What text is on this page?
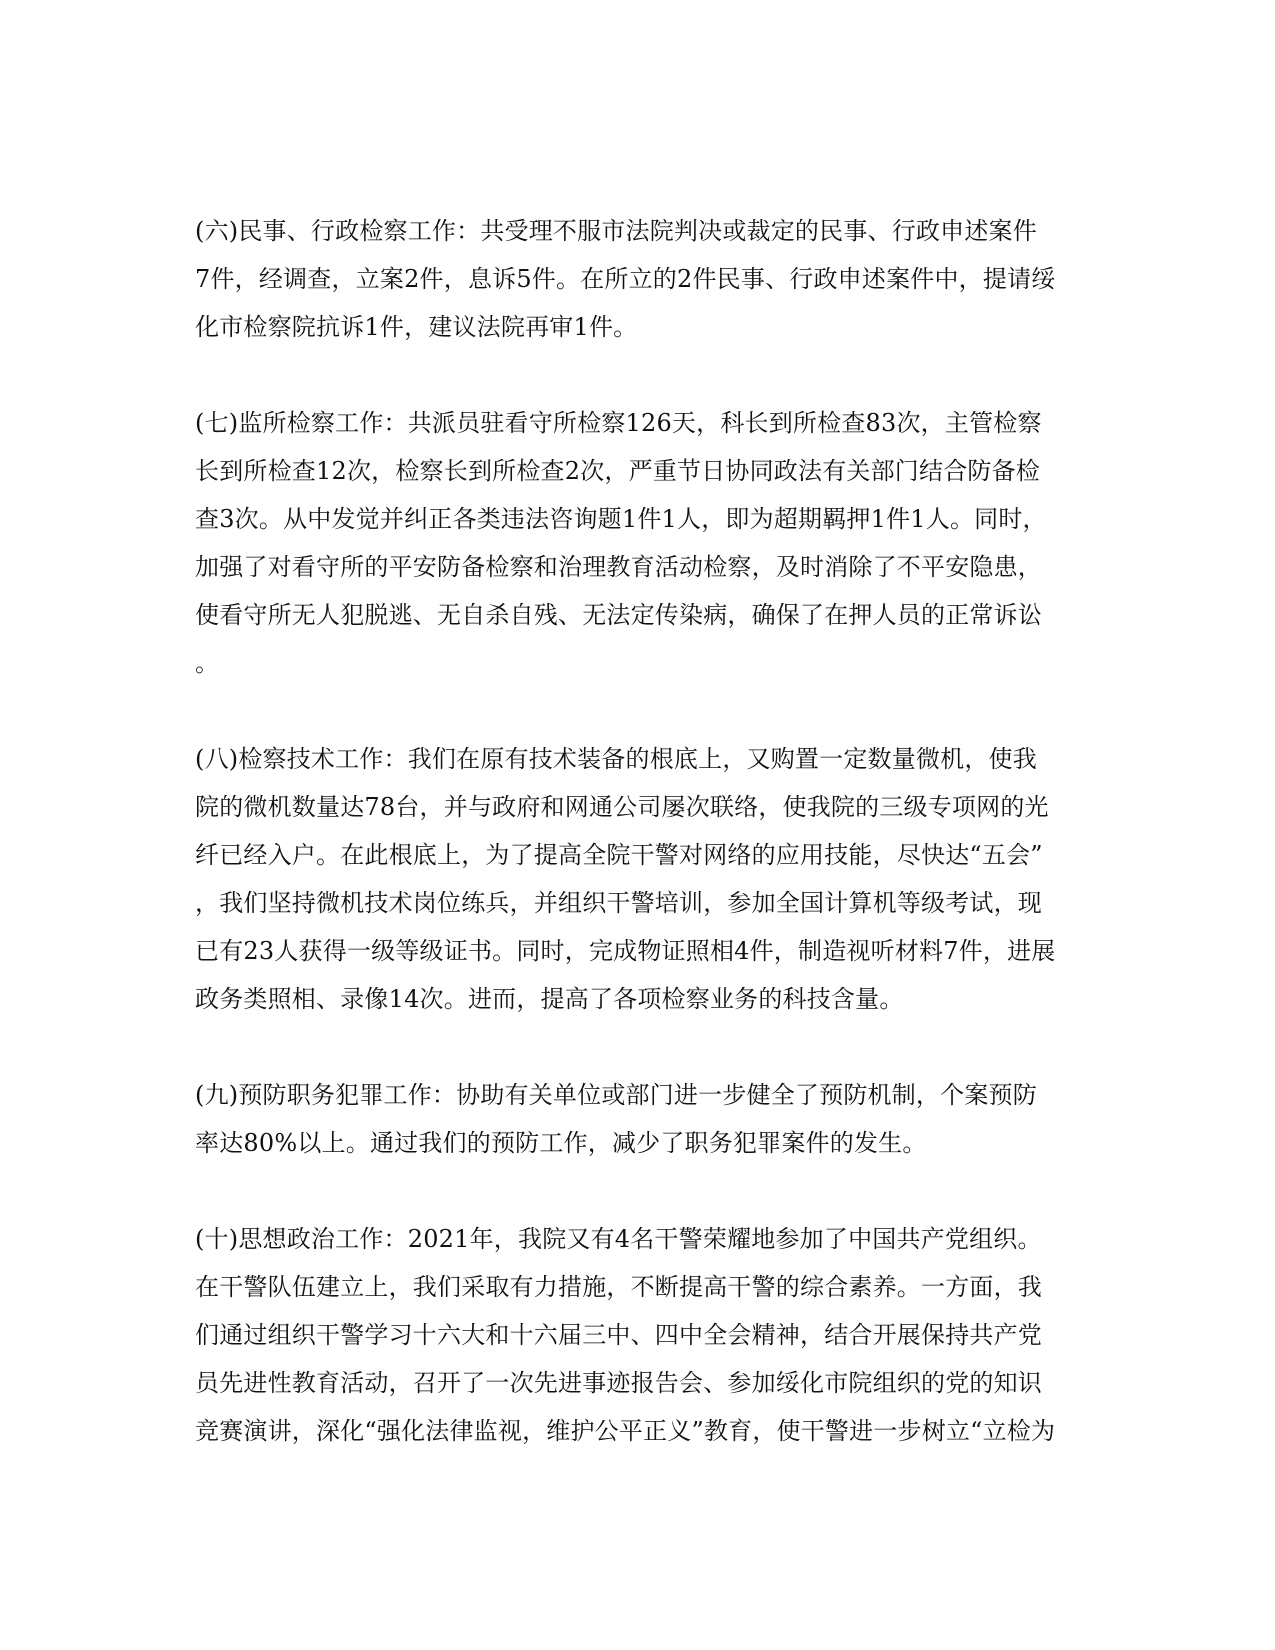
(六)民事、行政检察工作：共受理不服市法院判决或裁定的民事、行政申述案件
7件，经调查，立案2件，息诉5件。在所立的2件民事、行政申述案件中，提请绥
化市检察院抗诉1件，建议法院再审1件。

(七)监所检察工作：共派员驻看守所检察126天，科长到所检查83次，主管检察
长到所检查12次，检察长到所检查2次，严重节日协同政法有关部门结合防备检
查3次。从中发觉并纠正各类违法咨询题1件1人，即为超期羁押1件1人。同时，
加强了对看守所的平安防备检察和治理教育活动检察，及时消除了不平安隐患，
使看守所无人犯脱逃、无自杀自残、无法定传染病，确保了在押人员的正常诉讼
。

(八)检察技术工作：我们在原有技术装备的根底上，又购置一定数量微机，使我
院的微机数量达78台，并与政府和网通公司屡次联络，使我院的三级专项网的光
纤已经入户。在此根底上，为了提高全院干警对网络的应用技能，尽快达“五会”
，我们坚持微机技术岗位练兵，并组织干警培训，参加全国计算机等级考试，现
已有23人获得一级等级证书。同时，完成物证照相4件，制造视听材料7件，进展
政务类照相、录像14次。进而，提高了各项检察业务的科技含量。

(九)预防职务犯罪工作：协助有关单位或部门进一步健全了预防机制，个案预防
率达80%以上。通过我们的预防工作，减少了职务犯罪案件的发生。

(十)思想政治工作：2021年，我院又有4名干警荣耀地参加了中国共产党组织。
在干警队伍建立上，我们采取有力措施，不断提高干警的综合素养。一方面，我
们通过组织干警学习十六大和十六届三中、四中全会精神，结合开展保持共产党
员先进性教育活动，召开了一次先进事迹报告会、参加绥化市院组织的党的知识
竞赛演讲，深化“强化法律监视，维护公平正义”教育，使干警进一步树立“立检为
